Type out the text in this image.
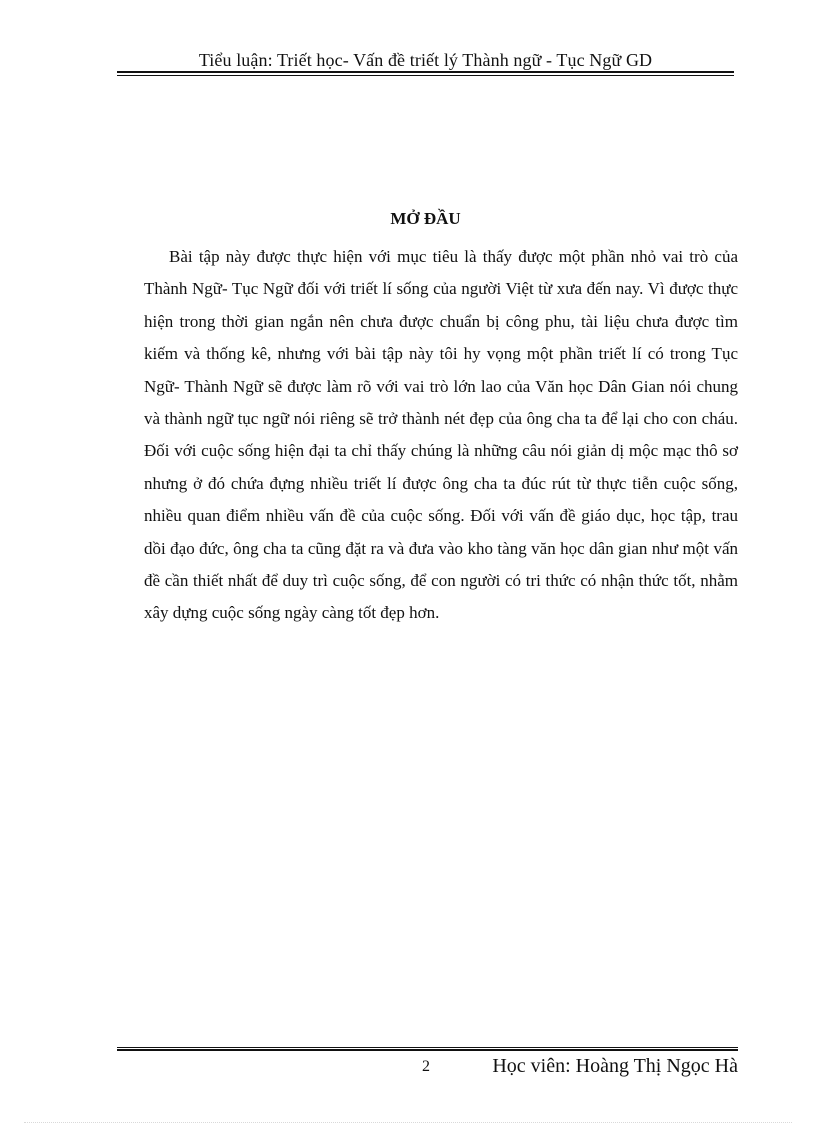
Tiểu luận: Triết học- Vấn đề triết lý Thành ngữ - Tục Ngữ GD
MỞ ĐẦU

Bài tập này được thực hiện với mục tiêu là thấy được một phần nhỏ vai trò của Thành Ngữ- Tục Ngữ đối với triết lí sống của người Việt từ xưa đến nay. Vì được thực hiện trong thời gian ngắn nên chưa được chuẩn bị công phu, tài liệu chưa được tìm kiếm và thống kê, nhưng với bài tập này tôi hy vọng một phần triết lí có trong Tục Ngữ- Thành Ngữ sẽ được làm rõ với vai trò lớn lao của Văn học Dân Gian nói chung và thành ngữ tục ngữ nói riêng sẽ trở thành nét đẹp của ông cha ta để lại cho con cháu. Đối với cuộc sống hiện đại ta chỉ thấy chúng là những câu nói giản dị mộc mạc thô sơ nhưng ở đó chứa đựng nhiều triết lí được ông cha ta đúc rút từ thực tiễn cuộc sống, nhiều quan điểm nhiều vấn đề của cuộc sống. Đối với vấn đề giáo dục, học tập, trau dồi đạo đức, ông cha ta cũng đặt ra và đưa vào kho tàng văn học dân gian như một vấn đề cần thiết nhất để duy trì cuộc sống, để con người có tri thức có nhận thức tốt, nhằm xây dựng cuộc sống ngày càng tốt đẹp hơn.

2	Học viên: Hoàng Thị Ngọc Hà
